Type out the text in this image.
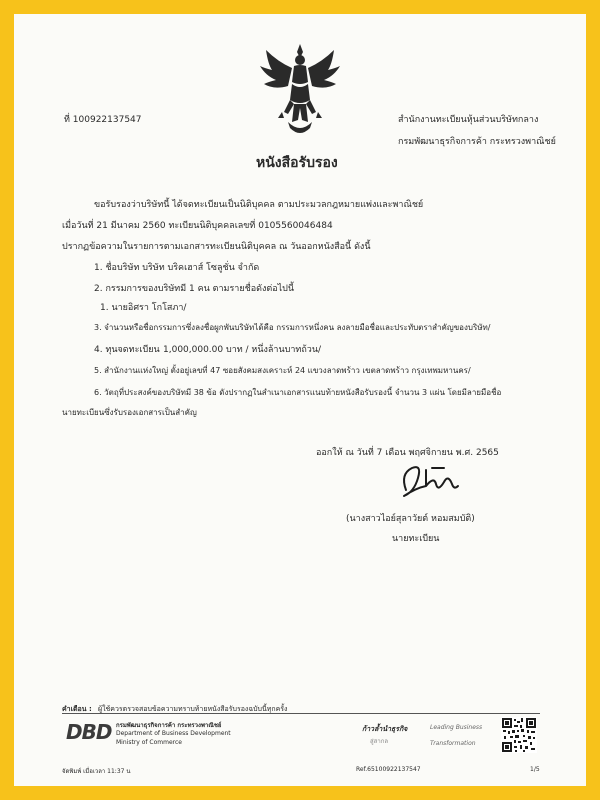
ที่ 100922137547	สำนักงานทะเบียนหุ้นส่วนบริษัทกลาง
กรมพัฒนาธุรกิจการค้า กระทรวงพาณิชย์
หนังสือรับรอง
ขอรับรองว่าบริษัทนี้ ได้จดทะเบียนเป็นนิติบุคคล ตามประมวลกฎหมายแพ่งและพาณิชย์
เมื่อวันที่ 21 มีนาคม 2560 ทะเบียนนิติบุคคลเลขที่ 0105560046484
ปรากฏข้อความในรายการตามเอกสารทะเบียนนิติบุคคล ณ วันออกหนังสือนี้ ดังนี้
1. ชื่อบริษัท บริษัท บริคเฮาส์ โซลูชั่น จำกัด
2. กรรมการของบริษัทมี 1 คน ตามรายชื่อดังต่อไปนี้
1. นายอิศรา โกโสภา/
3. จำนวนหรือชื่อกรรมการซึ่งลงชื่อผูกพันบริษัทได้คือ กรรมการหนึ่งคน ลงลายมือชื่อและประทับตราสำคัญของบริษัท/
4. ทุนจดทะเบียน 1,000,000.00 บาท / หนึ่งล้านบาทถ้วน/
5. สำนักงานแห่งใหญ่ ตั้งอยู่เลขที่ 47 ซอยสังคมสงเคราะห์ 24 แขวงลาดพร้าว เขตลาดพร้าว กรุงเทพมหานคร/
6. วัตถุที่ประสงค์ของบริษัทมี 38 ข้อ ดังปรากฏในสำเนาเอกสารแนบท้ายหนังสือรับรองนี้ จำนวน 3 แผ่น โดยมีลายมือชื่อ
นายทะเบียนซึ่งรับรองเอกสารเป็นสำคัญ
ออกให้ ณ วันที่ 7 เดือน พฤศจิกายน พ.ศ. 2565
(นางสาวไอย์สุลาวัยต์ หอมสมบัติ)
นายทะเบียน
คำเตือน : ผู้ใช้ควรตรวจสอบข้อความทราบท้ายหนังสือรับรองฉบับนี้ทุกครั้ง
DBD กรมพัฒนาธุรกิจการค้า กระทรวงพาณิชย์
Department of Business Development
Ministry of Commerce
ก้าวล้ำนำธุรกิจ
สู่สากล
Leading Business
Transformation
จัดพิมพ์ เมื่อเวลา 11:37 น	Ref.65100922137547	1/5
